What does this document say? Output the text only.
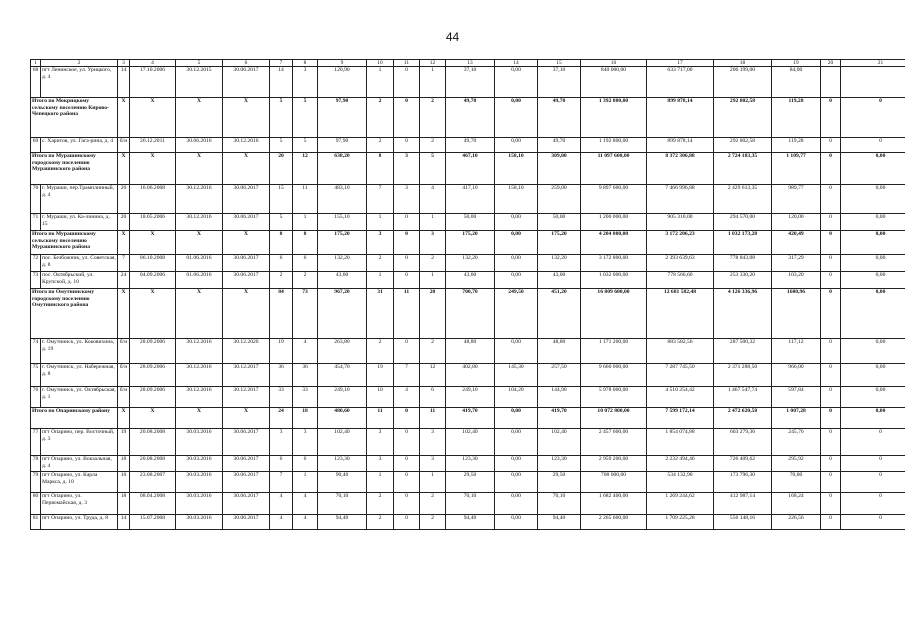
44
1	2	3	4	5	6	7	8	9	10	11	12	13	14	15	16	17	18	19	20	21
68	пгт Ленинское, ул. Урицкого, д. 4	14	17.10.2006	30.12.2015	30.06.2017	14	3	120,90	1	0	1	37,10	0,00	37,10	840 000,00	633 717,00	206 199,00	84,00		
Итого по Мокрицкому сельскому поселению Кирово-Чепецкого района		X	X	X	X	5	5	97,90	2	0	2	49,70	0,00	49,70	1 392 800,00	899 878,14	292 802,58	119,28	0	0
69	с. Харитов, ул. Гага-рина, д. 4	б/н	26.12.2011	30.06.2016	30.12.2016	5	5	97,90	2	0	2	49,70	0,00	49,70	1 192 800,00	899 878,14	292 802,58	119,28	0	0
Итого по Мурашинскому городскому поселению Мурашинского района		X	X	X	X	20	12	638,20	8	3	5	467,10	158,10	309,00	11 097 600,00	8 372 306,88	2 724 183,35	1 109,77	0	0,00
70	г. Мураши, пер.Трамплинный, д. 4	26	16.06.2008	30.12.2016	30.06.2017	15	11	483,10	7	3	4	417,10	158,10	259,00	9 897 600,00	7 466 996,88	2 429 613,35	989,77	0	0,00
71	г. Мураши, ул. Ка-линина, д. 15	20	18.05.2006	30.12.2016	30.06.2017	5	1	155,10	1	0	1	50,00	0,00	50,00	1 200 000,00	905 310,00	294 570,00	120,00	0	0,00
Итого по Мурашинскому сельскому поселению Мурашинского района		X	X	X	X	8	8	175,20	3	0	3	175,20	0,00	175,20	4 204 800,00	3 172 206,23	1 032 173,28	420,49	0	0,00
72	пос. Безбожник, ул. Советская, д. 8	7	06.10.2008	01.06.2016	30.06.2017	6	6	132,20	2	0	2	132,20	0,00	132,20	3 172 800,00	2 393 639,63	778 843,08	317,29	0	0,00
73	пос. Октябрьский, ул. Крупской, д. 10	24	04.09.2006	01.06.2016	30.06.2017	2	2	43,00	1	0	1	43,00	0,00	43,00	1 032 000,00	778 566,60	253 330,20	103,20	0	0,00
Итого по Омутнинскому городскому поселению Омутнинского района		X	X	X	X	84	73	967,20	31	11	20	700,70	249,50	451,20	16 809 600,00	12 681 582,48	4 126 336,96	1680,96	0	0,00
74	г. Омутнинск, ул. Коковихина, д. 19	б/н	28.09.2006	30.12.2016	30.12.2020	19	4	263,80	2	0	2	48,80	0,00	48,80	1 171 200,00	883 582,56	287 500,32	117,12	0	0,00
75	г. Омутнинск, ул. Набережная, д. 8	б/н	28.09.2006	30.12.2016	30.12.2017	36	36	454,70	19	7	12	402,80	145,30	257,50	9 660 000,00	7 287 745,50	2 371 288,50	966,00	0	0,00
76	г. Омутнинск, ул. Октябрьская, д. 1	б/н	28.09.2006	30.12.2016	30.12.2017	33	33	249,10	10	4	6	249,10	104,20	144,90	5 978 000,00	4 510 254,42	1 467 547,74	597,84	0	0,00
Итого по Опаринскому району		X	X	X	X	24	18	480,60	11	0	11	419,70	0,00	419,70	10 072 800,00	7 599 172,14	2 472 620,58	1 007,28	0	0,00
77	пгт Опарино, пер. Восточный, д. 3	19	20.08.2008	30.03.2016	30.06.2017	3	3	102,40	3	0	3	102,40	0,00	102,40	2 457 600,00	1 854 074,88	603 279,36	245,76	0	0
78	пгт Опарино, ул. Вокзальная, д. 4	18	20.08.2008	30.03.2016	30.06.2017	6	6	123,30	3	0	3	123,30	0,00	123,30	2 959 200,00	2 232 494,46	726 409,62	295,92	0	0
79	пгт Опарино, ул. Карла Маркса, д. 10	10	23.08.2007	30.03.2016	30.06.2017	7	1	90,40	1	0	1	29,50	0,00	29,50	708 000,00	534 132,90	173 796,30	70,80	0	0
80	пгт Опарино, ул. Первомайская, д. 3	18	08.04.2008	30.03.2016	30.06.2017	4	4	70,10	2	0	2	70,10	0,00	70,10	1 682 400,00	1 269 244,62	412 987,14	168,24	0	0
81	пгт Опарино, ул. Труда, д. 8	14	15.07.2008	30.03.2016	30.06.2017	4	4	94,40	2	0	2	94,40	0,00	94,40	2 265 600,00	1 709 225,28	556 148,16	226,56	0	0
